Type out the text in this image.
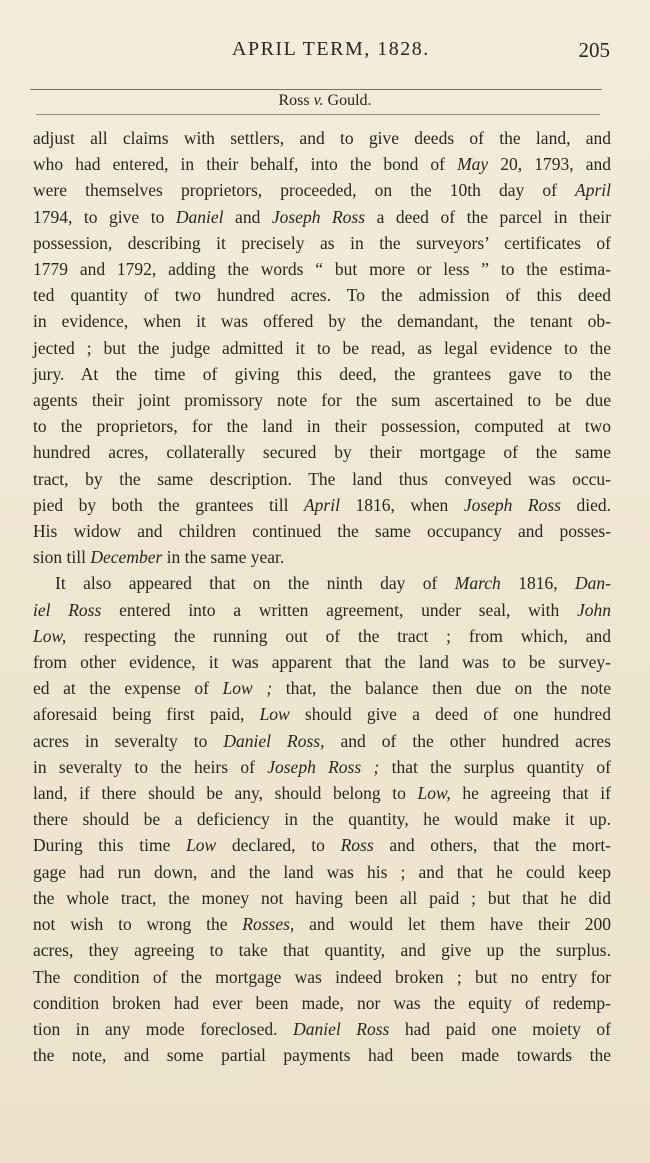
APRIL TERM, 1828.	205
Ross v. Gould.
adjust all claims with settlers, and to give deeds of the land, and
who had entered, in their behalf, into the bond of May 20, 1793, and
were themselves proprietors, proceeded, on the 10th day of April
1794, to give to Daniel and Joseph Ross a deed of the parcel in their
possession, describing it precisely as in the surveyors’ certificates of
1779 and 1792, adding the words “ but more or less ” to the estima-
ted quantity of two hundred acres. To the admission of this deed
in evidence, when it was offered by the demandant, the tenant ob-
jected ; but the judge admitted it to be read, as legal evidence to the
jury. At the time of giving this deed, the grantees gave to the
agents their joint promissory note for the sum ascertained to be due
to the proprietors, for the land in their possession, computed at two
hundred acres, collaterally secured by their mortgage of the same
tract, by the same description. The land thus conveyed was occu-
pied by both the grantees till April 1816, when Joseph Ross died.
His widow and children continued the same occupancy and posses-
sion till December in the same year.
It also appeared that on the ninth day of March 1816, Dan-
iel Ross entered into a written agreement, under seal, with John
Low, respecting the running out of the tract ; from which, and
from other evidence, it was apparent that the land was to be survey-
ed at the expense of Low ; that, the balance then due on the note
aforesaid being first paid, Low should give a deed of one hundred
acres in severalty to Daniel Ross, and of the other hundred acres
in severalty to the heirs of Joseph Ross ; that the surplus quantity of
land, if there should be any, should belong to Low, he agreeing that if
there should be a deficiency in the quantity, he would make it up.
During this time Low declared, to Ross and others, that the mort-
gage had run down, and the land was his ; and that he could keep
the whole tract, the money not having been all paid ; but that he did
not wish to wrong the Rosses, and would let them have their 200
acres, they agreeing to take that quantity, and give up the surplus.
The condition of the mortgage was indeed broken ; but no entry for
condition broken had ever been made, nor was the equity of redemp-
tion in any mode foreclosed. Daniel Ross had paid one moiety of
the note, and some partial payments had been made towards the
